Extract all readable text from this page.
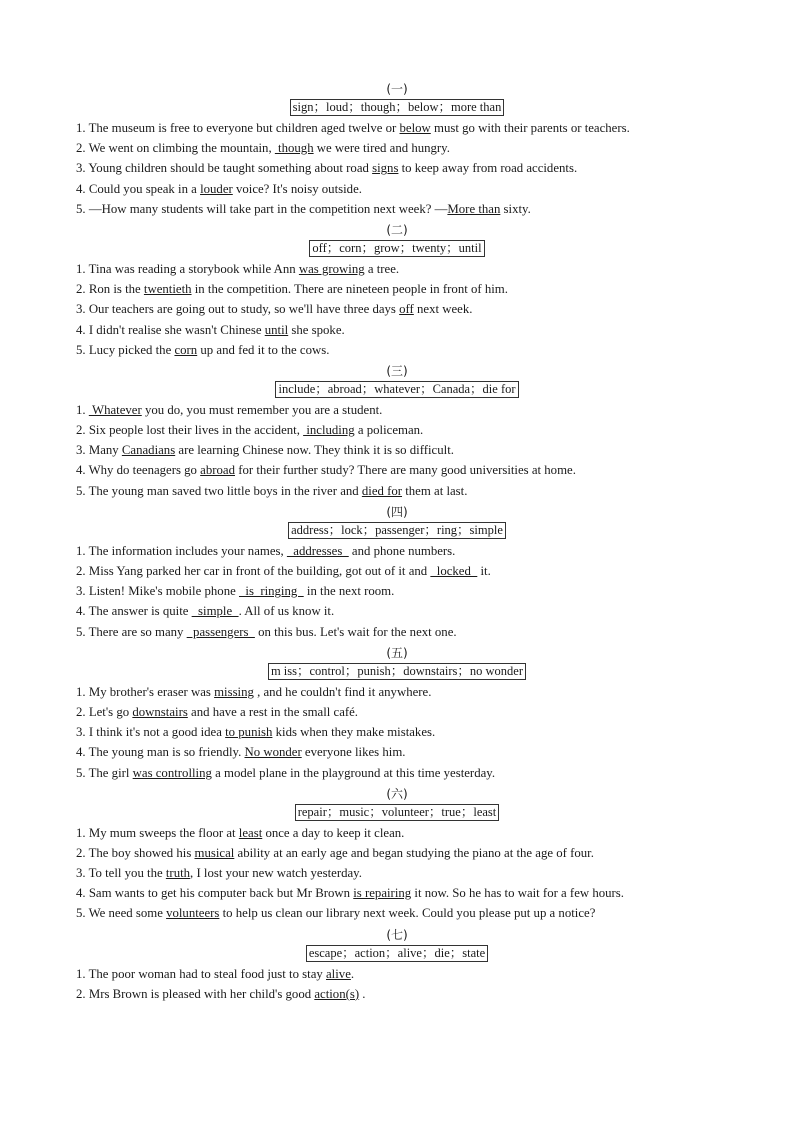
(一)
sign；loud；though；below；more than
1. The museum is free to everyone but children aged twelve or below must go with their parents or teachers.
2. We went on climbing the mountain,  though we were tired and hungry.
3. Young children should be taught something about road signs to keep away from road accidents.
4. Could you speak in a louder voice? It's noisy outside.
5. —How many students will take part in the competition next week? —More than sixty.
(二)
off；corn；grow；twenty；until
1. Tina was reading a storybook while Ann was growing a tree.
2. Ron is the twentieth in the competition. There are nineteen people in front of him.
3. Our teachers are going out to study, so we'll have three days off next week.
4. I didn't realise she wasn't Chinese until she spoke.
5. Lucy picked the corn up and fed it to the cows.
(三)
include；abroad；whatever；Canada；die for
1.  Whatever you do, you must remember you are a student.
2. Six people lost their lives in the accident,  including a policeman.
3. Many Canadians are learning Chinese now. They think it is so difficult.
4. Why do teenagers go abroad for their further study? There are many good universities at home.
5. The young man saved two little boys in the river and died for them at last.
(四)
address；lock；passenger；ring；simple
1. The information includes your names,   addresses   and phone numbers.
2. Miss Yang parked her car in front of the building, got out of it and   locked   it.
3. Listen! Mike's mobile phone   is  ringing   in the next room.
4. The answer is quite   simple  . All of us know it.
5. There are so many   passengers   on this bus. Let's wait for the next one.
(五)
m iss；control；punish；downstairs；no wonder
1. My brother's eraser was missing , and he couldn't find it anywhere.
2. Let's go downstairs and have a rest in the small café.
3. I think it's not a good idea to punish kids when they make mistakes.
4. The young man is so friendly. No wonder everyone likes him.
5. The girl was controlling a model plane in the playground at this time yesterday.
(六)
repair；music；volunteer；true；least
1. My mum sweeps the floor at least once a day to keep it clean.
2. The boy showed his musical ability at an early age and began studying the piano at the age of four.
3. To tell you the truth, I lost your new watch yesterday.
4. Sam wants to get his computer back but Mr Brown is repairing it now. So he has to wait for a few hours.
5. We need some volunteers to help us clean our library next week. Could you please put up a notice?
(七)
escape；action；alive；die；state
1. The poor woman had to steal food just to stay alive.
2. Mrs Brown is pleased with her child's good action(s) .
